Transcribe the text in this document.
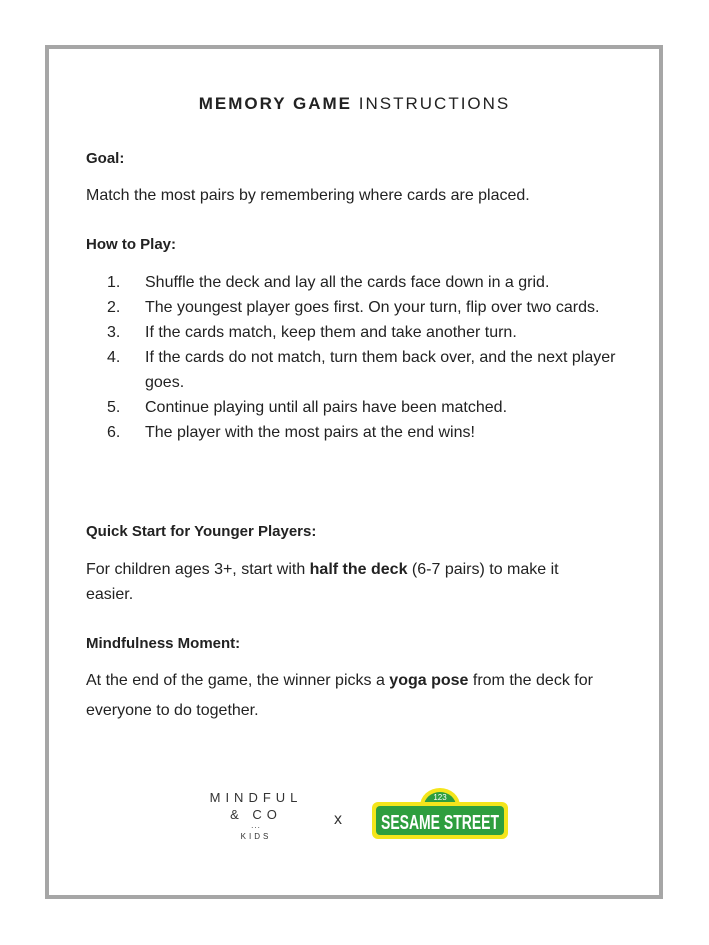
MEMORY GAME INSTRUCTIONS
Goal:
Match the most pairs by remembering where cards are placed.
How to Play:
1. Shuffle the deck and lay all the cards face down in a grid.
2. The youngest player goes first. On your turn, flip over two cards.
3. If the cards match, keep them and take another turn.
4. If the cards do not match, turn them back over, and the next player goes.
5. Continue playing until all pairs have been matched.
6. The player with the most pairs at the end wins!
Quick Start for Younger Players:
For children ages 3+, start with half the deck (6-7 pairs) to make it easier.
Mindfulness Moment:
At the end of the game, the winner picks a yoga pose from the deck for everyone to do together.
MINDFUL
& CO
...
KIDS
x
123
SESAME STREET
